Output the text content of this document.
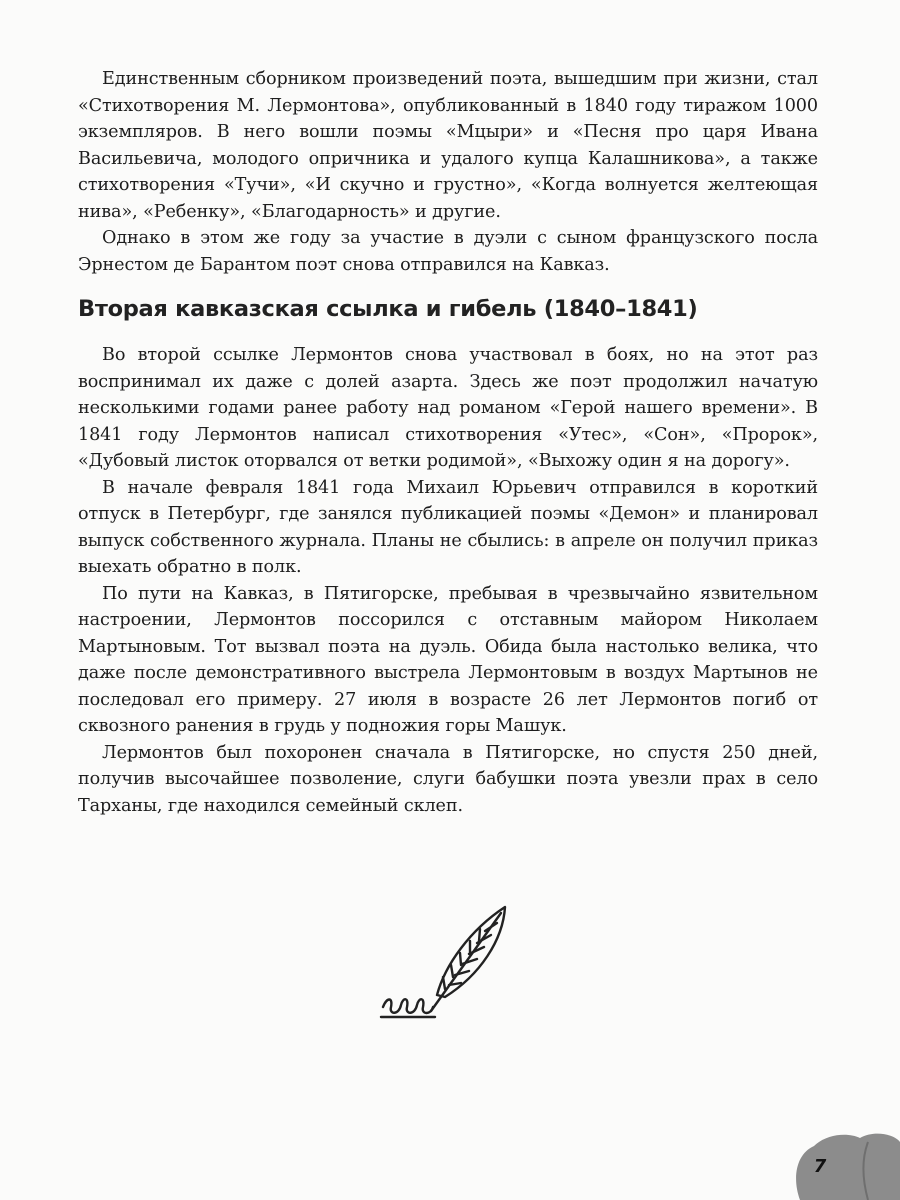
Единственным сборником произведений поэта, вышедшим при жизни, стал «Стихотворения М. Лермонтова», опубликованный в 1840 году тиражом 1000 экземпляров. В него вошли поэмы «Мцыри» и «Песня про царя Ивана Васильевича, молодого опричника и удалого купца Калашникова», а также стихотворения «Тучи», «И скучно и грустно», «Когда волнуется желтеющая нива», «Ребенку», «Благодарность» и другие.

Однако в этом же году за участие в дуэли с сыном французского посла Эрнестом де Барантом поэт снова отправился на Кавказ.

Вторая кавказская ссылка и гибель (1840–1841)

Во второй ссылке Лермонтов снова участвовал в боях, но на этот раз воспринимал их даже с долей азарта. Здесь же поэт продолжил начатую несколькими годами ранее работу над романом «Герой нашего времени». В 1841 году Лермонтов написал стихотворения «Утес», «Сон», «Пророк», «Дубовый листок оторвался от ветки родимой», «Выхожу один я на дорогу».

В начале февраля 1841 года Михаил Юрьевич отправился в короткий отпуск в Петербург, где занялся публикацией поэмы «Демон» и планировал выпуск собственного журнала. Планы не сбылись: в апреле он получил приказ выехать обратно в полк.

По пути на Кавказ, в Пятигорске, пребывая в чрезвычайно язвительном настроении, Лермонтов поссорился с отставным майором Николаем Мартыновым. Тот вызвал поэта на дуэль. Обида была настолько велика, что даже после демонстративного выстрела Лермонтовым в воздух Мартынов не последовал его примеру. 27 июля в возрасте 26 лет Лермонтов погиб от сквозного ранения в грудь у подножия горы Машук.

Лермонтов был похоронен сначала в Пятигорске, но спустя 250 дней, получив высочайшее позволение, слуги бабушки поэта увезли прах в село Тарханы, где находился семейный склеп.

7
